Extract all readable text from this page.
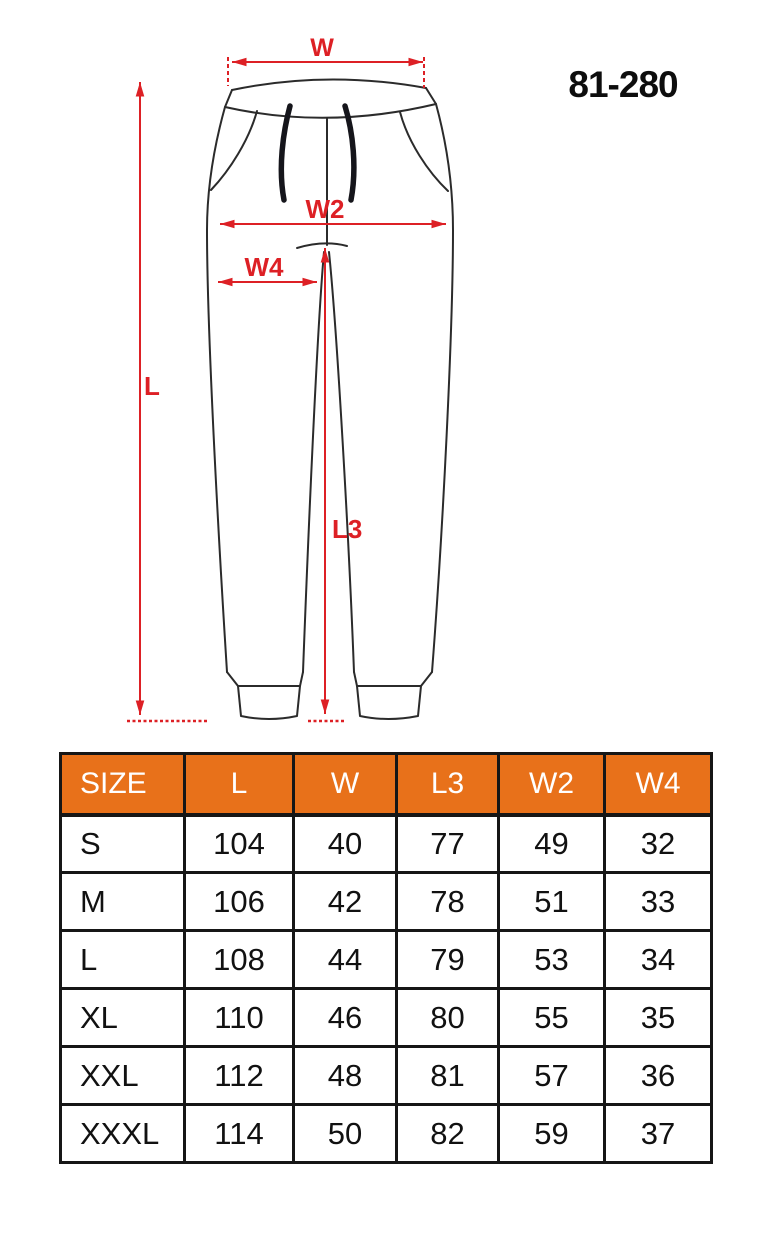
81-280
W
L
W2
W4
L3
SIZE	L	W	L3	W2	W4
S	104	40	77	49	32
M	106	42	78	51	33
L	108	44	79	53	34
XL	110	46	80	55	35
XXL	112	48	81	57	36
XXXL	114	50	82	59	37
